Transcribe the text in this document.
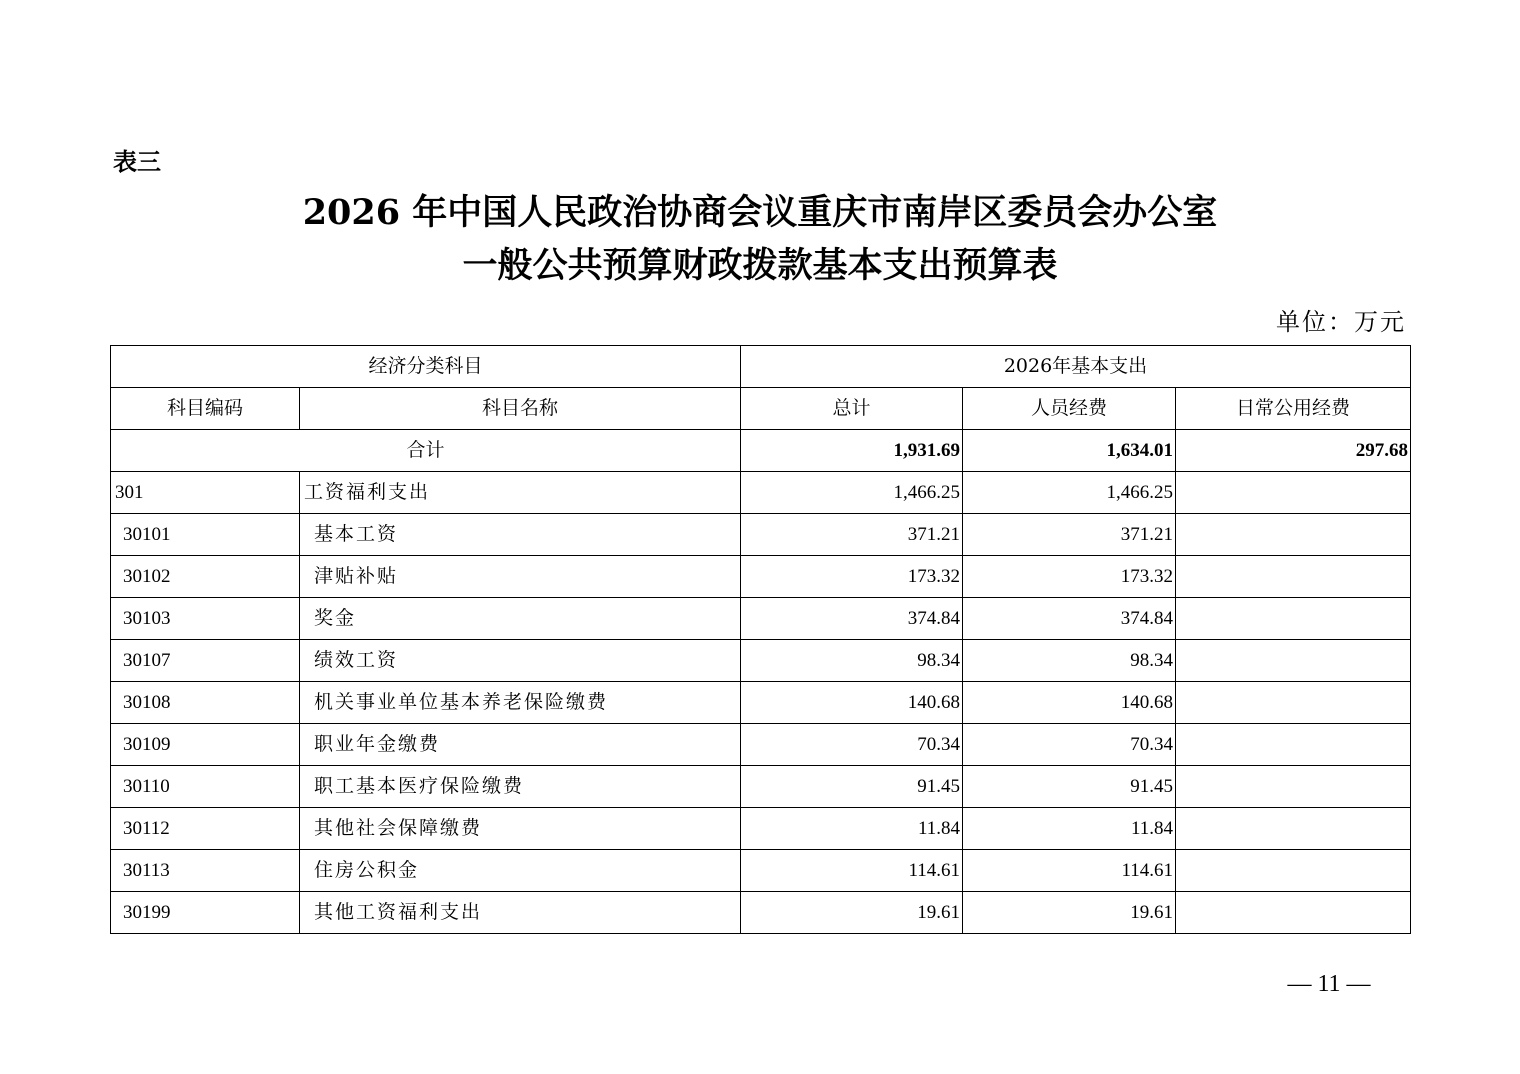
表三
2026 年中国人民政治协商会议重庆市南岸区委员会办公室
一般公共预算财政拨款基本支出预算表
单位：万元
经济分类科目		2026年基本支出		
科目编码	科目名称	总计	人员经费	日常公用经费
合计		1,931.69	1,634.01	297.68
301	工资福利支出	1,466.25	1,466.25	
30101	基本工资	371.21	371.21	
30102	津贴补贴	173.32	173.32	
30103	奖金	374.84	374.84	
30107	绩效工资	98.34	98.34	
30108	机关事业单位基本养老保险缴费	140.68	140.68	
30109	职业年金缴费	70.34	70.34	
30110	职工基本医疗保险缴费	91.45	91.45	
30112	其他社会保障缴费	11.84	11.84	
30113	住房公积金	114.61	114.61	
30199	其他工资福利支出	19.61	19.61	
— 11 —
